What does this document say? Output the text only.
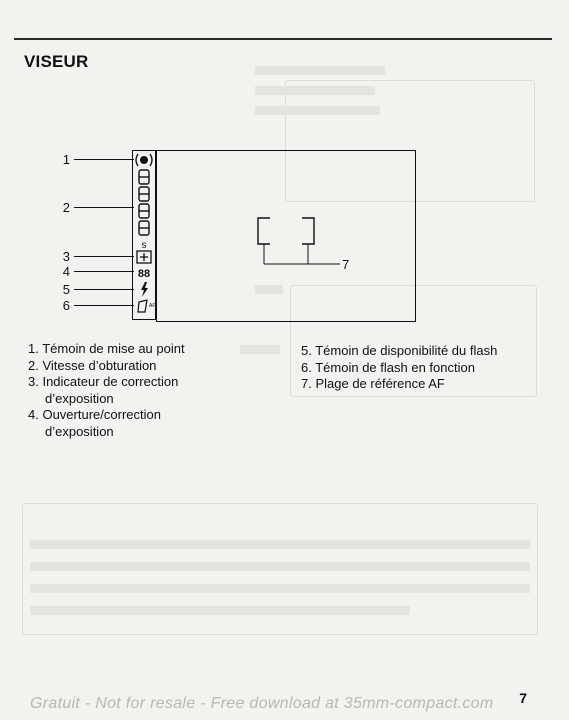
VISEUR
1
2
3
4
5
6
7
s
88
AF
1. Témoin de mise au point
2. Vitesse d’obturation
3. Indicateur de correction
d’exposition
4. Ouverture/correction
d’exposition
5. Témoin de disponibilité du flash
6. Témoin de flash en fonction
7. Plage de référence AF
7
Gratuit - Not for resale - Free download at 35mm-compact.com
